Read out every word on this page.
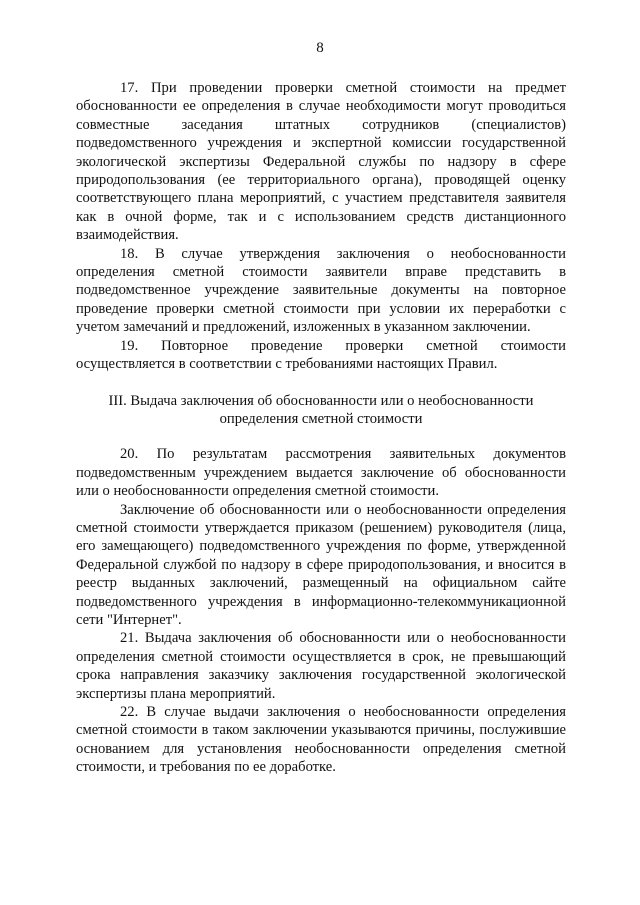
8

17. При проведении проверки сметной стоимости на предмет обоснованности ее определения в случае необходимости могут проводиться совместные заседания штатных сотрудников (специалистов) подведомственного учреждения и экспертной комиссии государственной экологической экспертизы Федеральной службы по надзору в сфере природопользования (ее территориального органа), проводящей оценку соответствующего плана мероприятий, с участием представителя заявителя как в очной форме, так и с использованием средств дистанционного взаимодействия.

18. В случае утверждения заключения о необоснованности определения сметной стоимости заявители вправе представить в подведомственное учреждение заявительные документы на повторное проведение проверки сметной стоимости при условии их переработки с учетом замечаний и предложений, изложенных в указанном заключении.

19. Повторное проведение проверки сметной стоимости осуществляется в соответствии с требованиями настоящих Правил.

III. Выдача заключения об обоснованности или о необоснованности определения сметной стоимости

20. По результатам рассмотрения заявительных документов подведомственным учреждением выдается заключение об обоснованности или о необоснованности определения сметной стоимости.

Заключение об обоснованности или о необоснованности определения сметной стоимости утверждается приказом (решением) руководителя (лица, его замещающего) подведомственного учреждения по форме, утвержденной Федеральной службой по надзору в сфере природопользования, и вносится в реестр выданных заключений, размещенный на официальном сайте подведомственного учреждения в информационно-телекоммуникационной сети "Интернет".

21. Выдача заключения об обоснованности или о необоснованности определения сметной стоимости осуществляется в срок, не превышающий срока направления заказчику заключения государственной экологической экспертизы плана мероприятий.

22. В случае выдачи заключения о необоснованности определения сметной стоимости в таком заключении указываются причины, послужившие основанием для установления необоснованности определения сметной стоимости, и требования по ее доработке.
